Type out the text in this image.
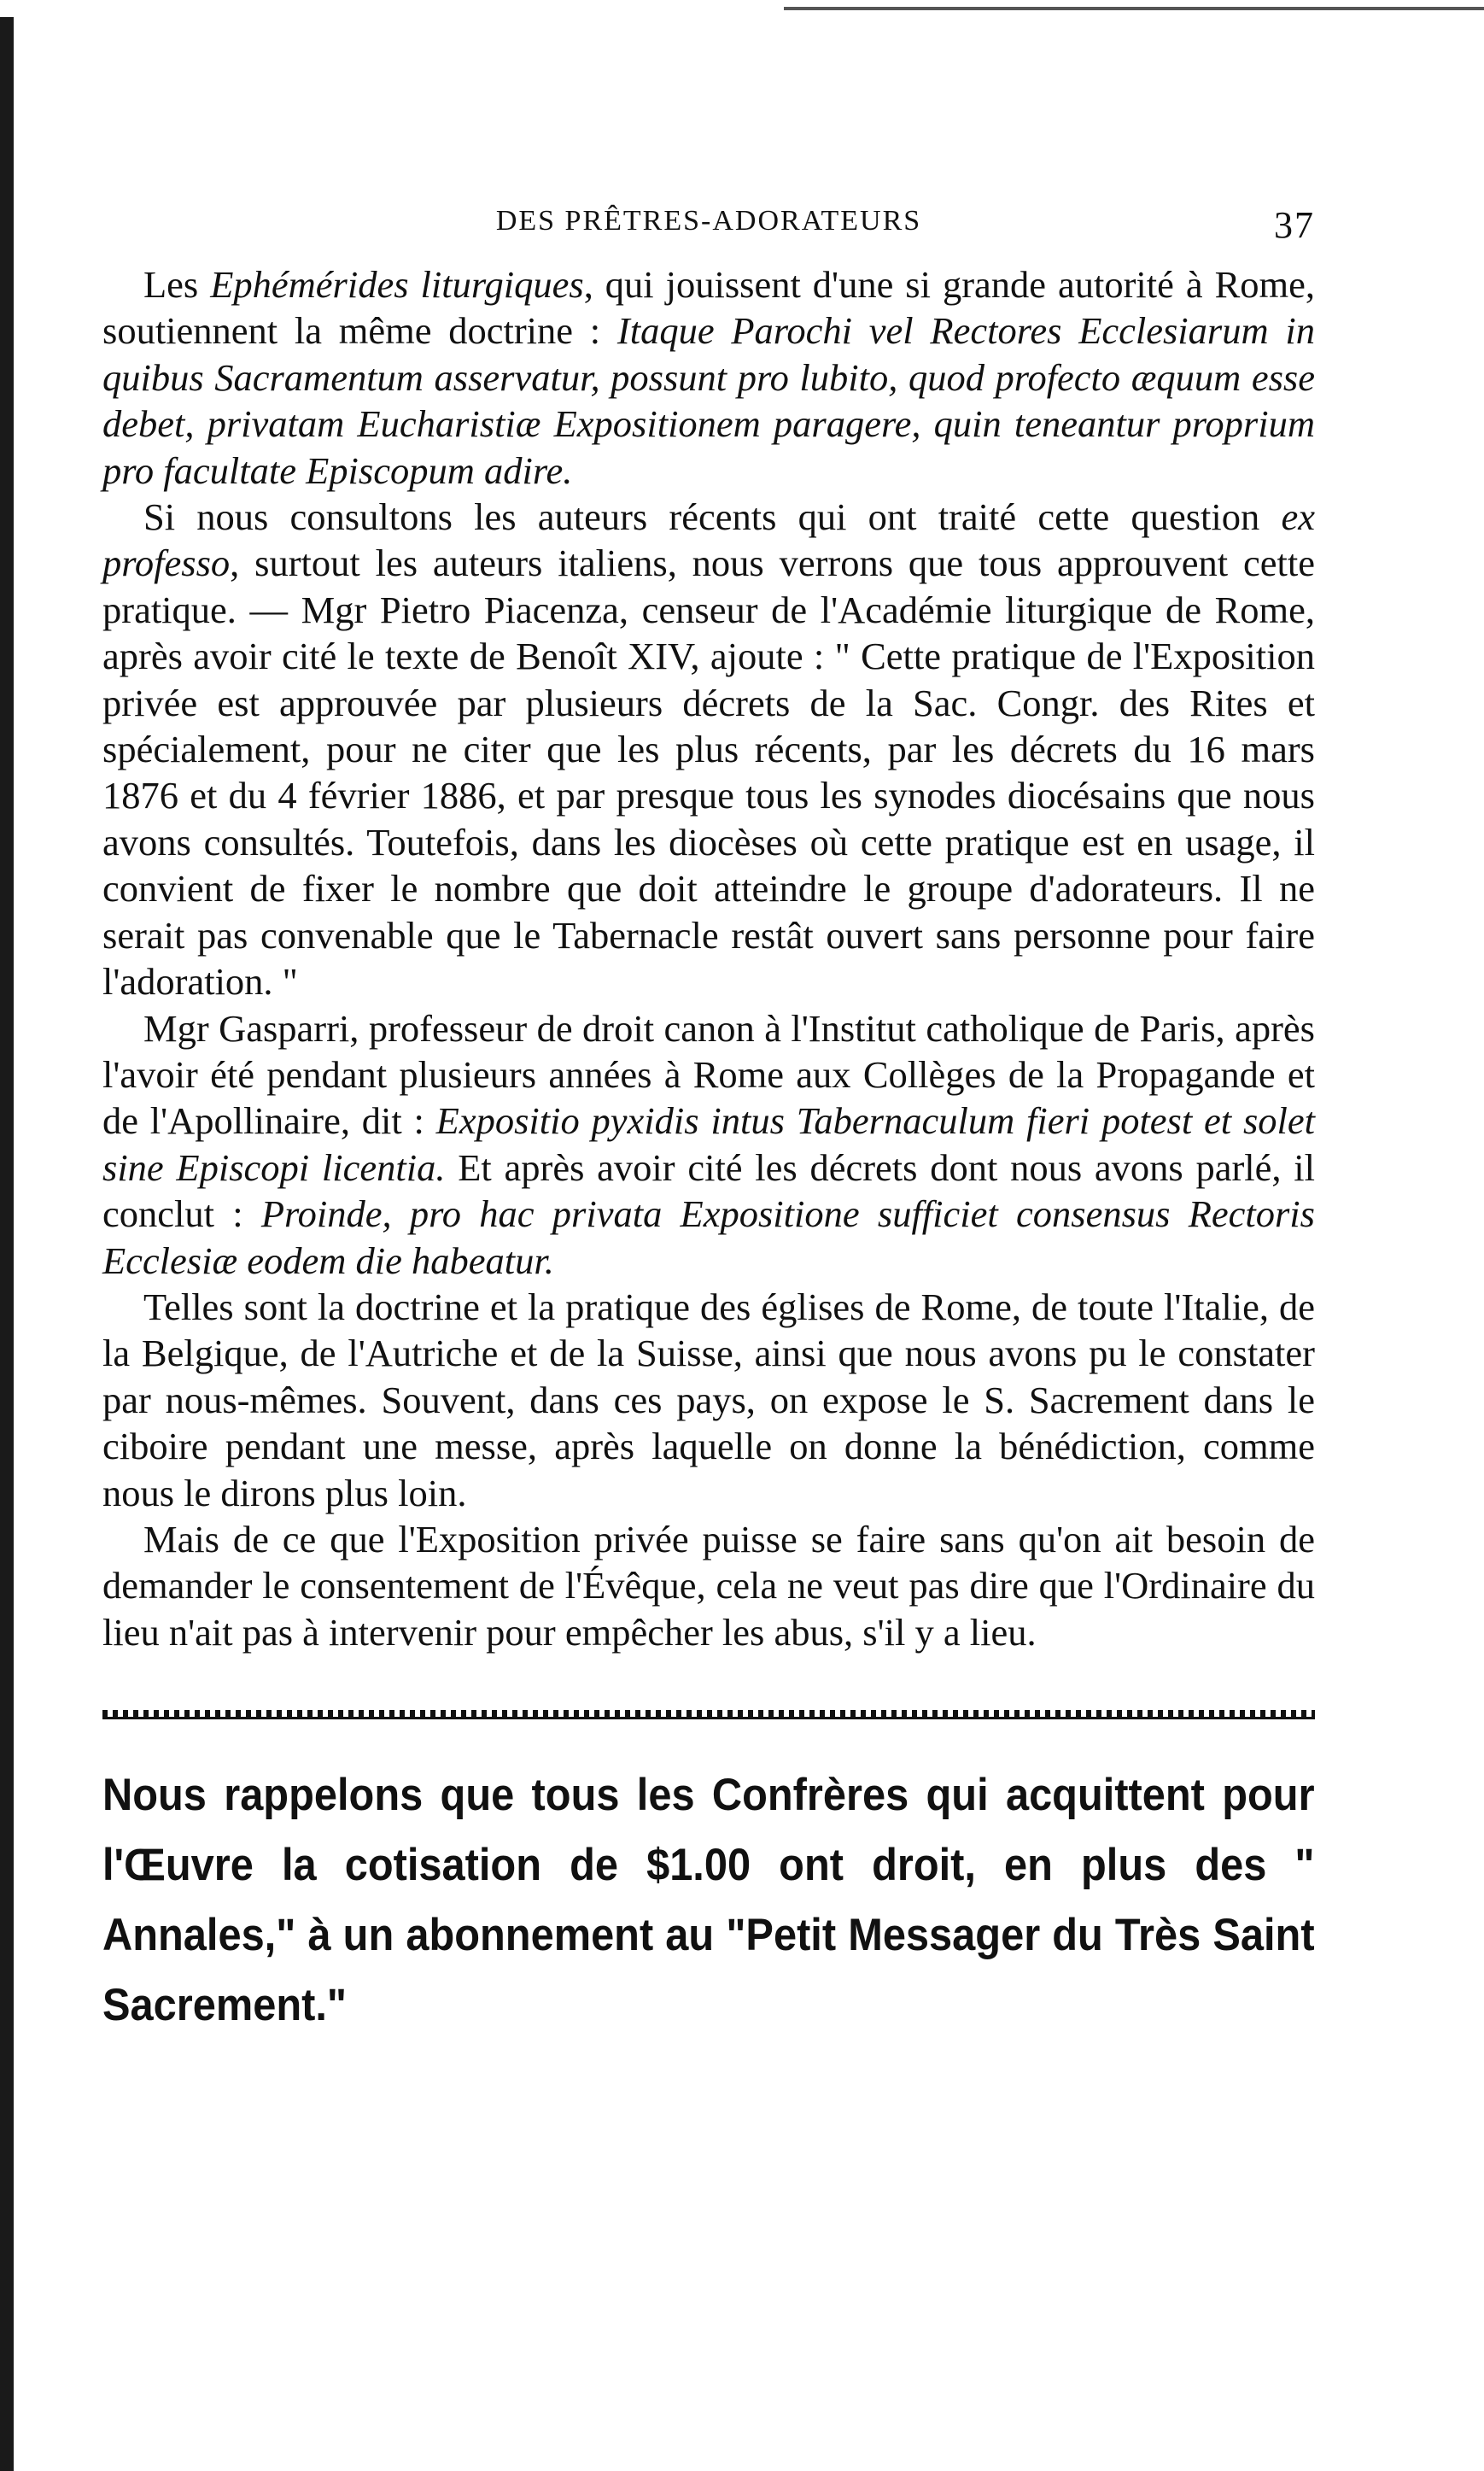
DES PRÊTRES-ADORATEURS	37

Les Ephémérides liturgiques, qui jouissent d'une si grande autorité à Rome, soutiennent la même doctrine : Itaque Parochi vel Rectores Ecclesiarum in quibus Sacramentum asservatur, possunt pro lubito, quod profecto æquum esse debet, privatam Eucharistiæ Expositionem paragere, quin teneantur proprium pro facultate Episcopum adire.

Si nous consultons les auteurs récents qui ont traité cette question ex professo, surtout les auteurs italiens, nous verrons que tous approuvent cette pratique. — Mgr Pietro Piacenza, censeur de l'Académie liturgique de Rome, après avoir cité le texte de Benoît XIV, ajoute : " Cette pratique de l'Exposition privée est approuvée par plusieurs décrets de la Sac. Congr. des Rites et spécialement, pour ne citer que les plus récents, par les décrets du 16 mars 1876 et du 4 février 1886, et par presque tous les synodes diocésains que nous avons consultés. Toutefois, dans les diocèses où cette pratique est en usage, il convient de fixer le nombre que doit atteindre le groupe d'adorateurs. Il ne serait pas convenable que le Tabernacle restât ouvert sans personne pour faire l'adoration. "

Mgr Gasparri, professeur de droit canon à l'Institut catholique de Paris, après l'avoir été pendant plusieurs années à Rome aux Collèges de la Propagande et de l'Apollinaire, dit : Expositio pyxidis intus Tabernaculum fieri potest et solet sine Episcopi licentia. Et après avoir cité les décrets dont nous avons parlé, il conclut : Proinde, pro hac privata Expositione sufficiet consensus Rectoris Ecclesiæ eodem die habeatur.

Telles sont la doctrine et la pratique des églises de Rome, de toute l'Italie, de la Belgique, de l'Autriche et de la Suisse, ainsi que nous avons pu le constater par nous-mêmes. Souvent, dans ces pays, on expose le S. Sacrement dans le ciboire pendant une messe, après laquelle on donne la bénédiction, comme nous le dirons plus loin.

Mais de ce que l'Exposition privée puisse se faire sans qu'on ait besoin de demander le consentement de l'Évêque, cela ne veut pas dire que l'Ordinaire du lieu n'ait pas à intervenir pour empêcher les abus, s'il y a lieu.

Nous rappelons que tous les Confrères qui acquittent pour l'Œuvre la cotisation de $1.00 ont droit, en plus des " Annales," à un abonnement au "Petit Messager du Très Saint Sacrement."
